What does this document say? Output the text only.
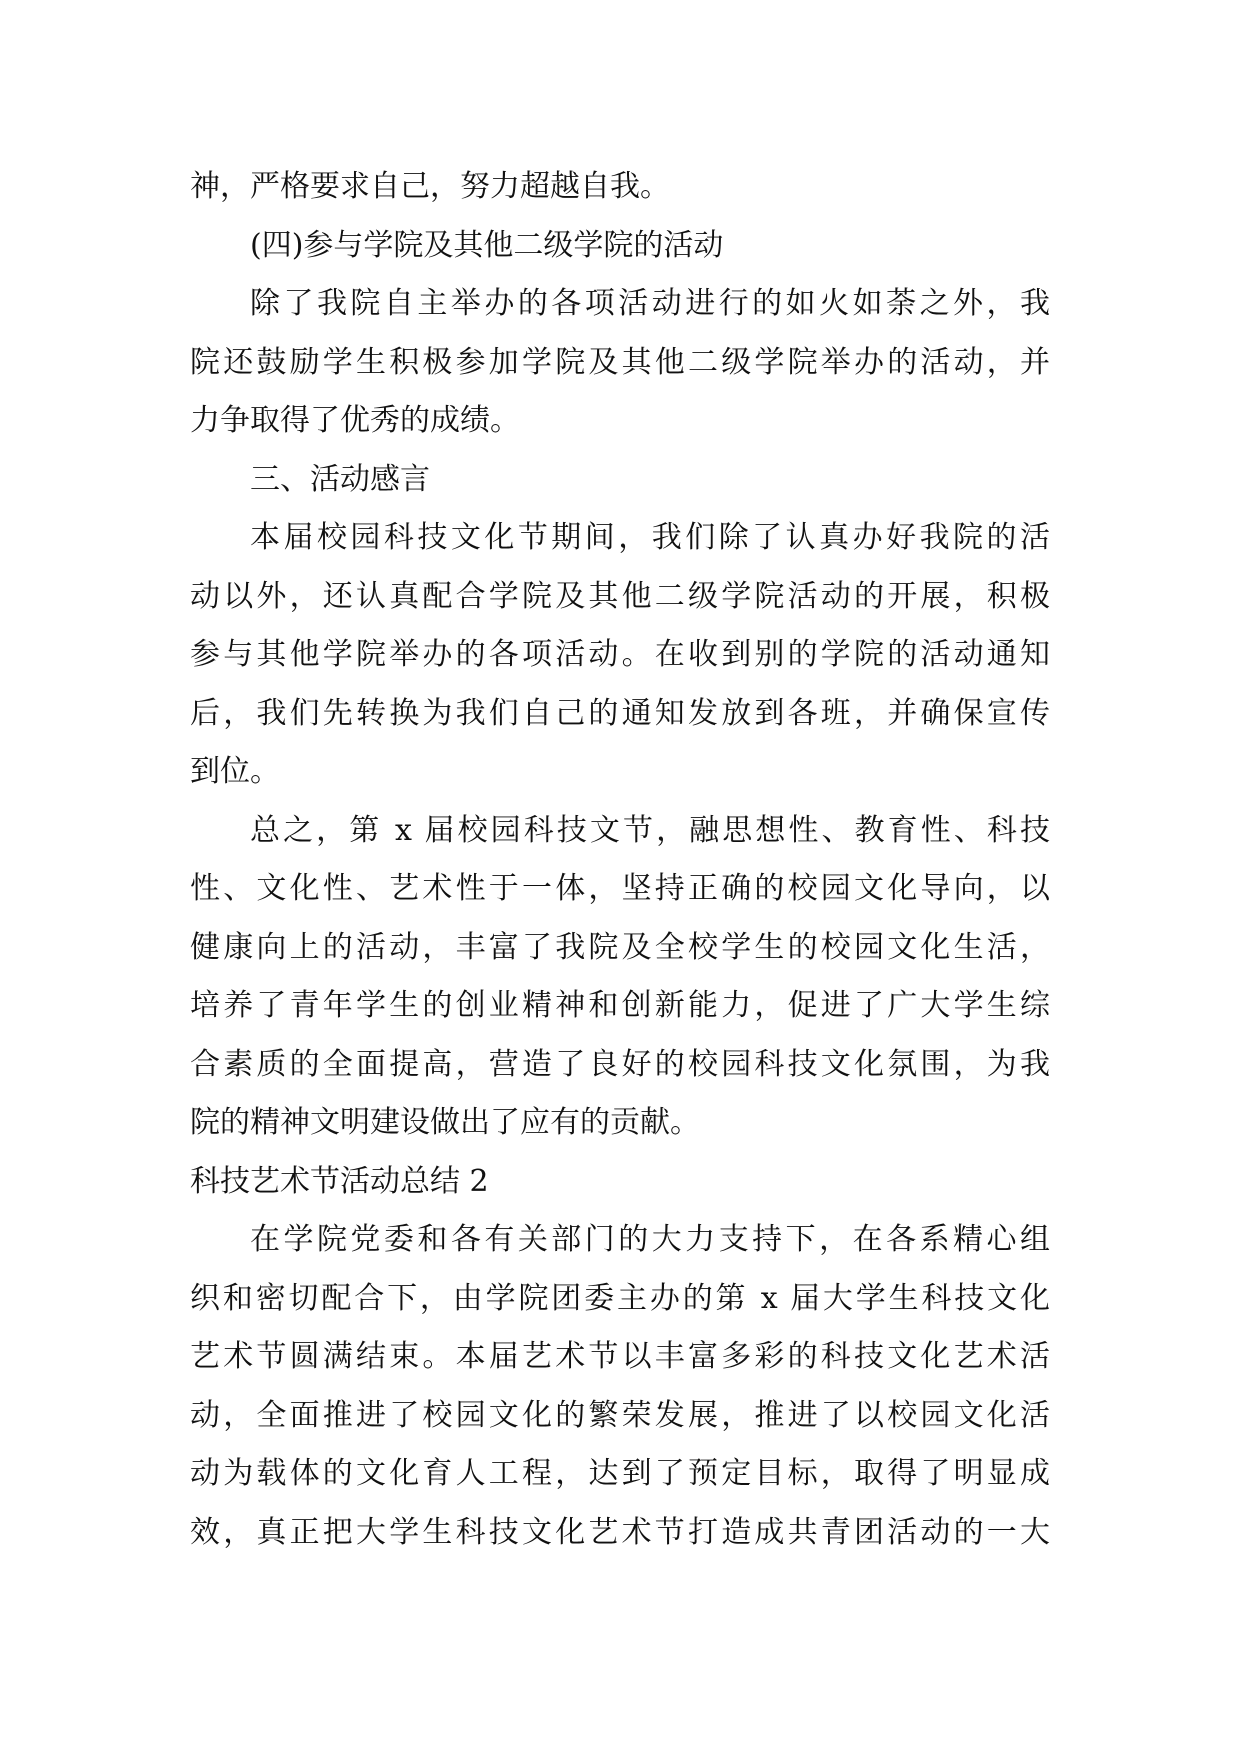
神，严格要求自己，努力超越自我。
(四)参与学院及其他二级学院的活动
除了我院自主举办的各项活动进行的如火如荼之外，我
院还鼓励学生积极参加学院及其他二级学院举办的活动，并
力争取得了优秀的成绩。
三、活动感言
本届校园科技文化节期间，我们除了认真办好我院的活
动以外，还认真配合学院及其他二级学院活动的开展，积极
参与其他学院举办的各项活动。在收到别的学院的活动通知
后，我们先转换为我们自己的通知发放到各班，并确保宣传
到位。
总之，第 x 届校园科技文节，融思想性、教育性、科技
性、文化性、艺术性于一体，坚持正确的校园文化导向，以
健康向上的活动，丰富了我院及全校学生的校园文化生活，
培养了青年学生的创业精神和创新能力，促进了广大学生综
合素质的全面提高，营造了良好的校园科技文化氛围，为我
院的精神文明建设做出了应有的贡献。
科技艺术节活动总结 2
在学院党委和各有关部门的大力支持下，在各系精心组
织和密切配合下，由学院团委主办的第 x 届大学生科技文化
艺术节圆满结束。本届艺术节以丰富多彩的科技文化艺术活
动，全面推进了校园文化的繁荣发展，推进了以校园文化活
动为载体的文化育人工程，达到了预定目标，取得了明显成
效，真正把大学生科技文化艺术节打造成共青团活动的一大
